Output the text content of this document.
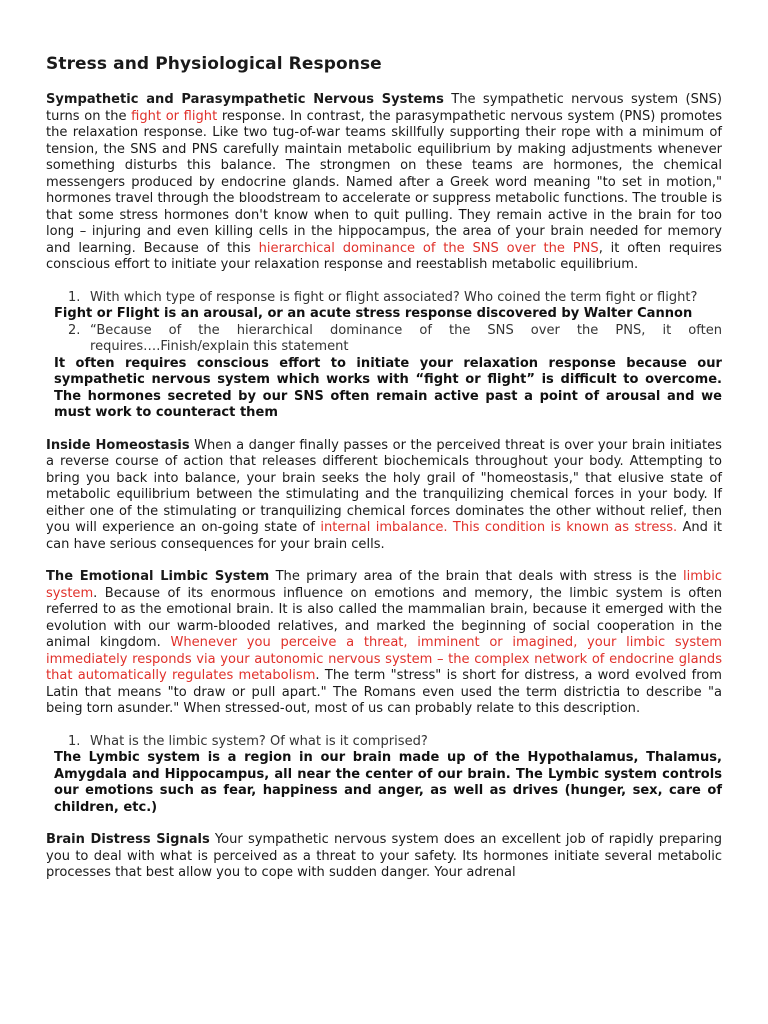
Stress and Physiological Response

Sympathetic and Parasympathetic Nervous Systems The sympathetic nervous system (SNS) turns on the fight or flight response. In contrast, the parasympathetic nervous system (PNS) promotes the relaxation response. Like two tug-of-war teams skillfully supporting their rope with a minimum of tension, the SNS and PNS carefully maintain metabolic equilibrium by making adjustments whenever something disturbs this balance. The strongmen on these teams are hormones, the chemical messengers produced by endocrine glands. Named after a Greek word meaning "to set in motion," hormones travel through the bloodstream to accelerate or suppress metabolic functions. The trouble is that some stress hormones don't know when to quit pulling. They remain active in the brain for too long – injuring and even killing cells in the hippocampus, the area of your brain needed for memory and learning. Because of this hierarchical dominance of the SNS over the PNS, it often requires conscious effort to initiate your relaxation response and reestablish metabolic equilibrium.

1. With which type of response is fight or flight associated? Who coined the term fight or flight?
Fight or Flight is an arousal, or an acute stress response discovered by Walter Cannon
2. “Because of the hierarchical dominance of the SNS over the PNS, it often requires….Finish/explain this statement
It often requires conscious effort to initiate your relaxation response because our sympathetic nervous system which works with “fight or flight” is difficult to overcome. The hormones secreted by our SNS often remain active past a point of arousal and we must work to counteract them

Inside Homeostasis When a danger finally passes or the perceived threat is over your brain initiates a reverse course of action that releases different biochemicals throughout your body. Attempting to bring you back into balance, your brain seeks the holy grail of "homeostasis," that elusive state of metabolic equilibrium between the stimulating and the tranquilizing chemical forces in your body. If either one of the stimulating or tranquilizing chemical forces dominates the other without relief, then you will experience an on-going state of internal imbalance. This condition is known as stress. And it can have serious consequences for your brain cells.

The Emotional Limbic System The primary area of the brain that deals with stress is the limbic system. Because of its enormous influence on emotions and memory, the limbic system is often referred to as the emotional brain. It is also called the mammalian brain, because it emerged with the evolution with our warm-blooded relatives, and marked the beginning of social cooperation in the animal kingdom. Whenever you perceive a threat, imminent or imagined, your limbic system immediately responds via your autonomic nervous system – the complex network of endocrine glands that automatically regulates metabolism. The term "stress" is short for distress, a word evolved from Latin that means "to draw or pull apart." The Romans even used the term districtia to describe "a being torn asunder." When stressed-out, most of us can probably relate to this description.

1. What is the limbic system? Of what is it comprised?
The Lymbic system is a region in our brain made up of the Hypothalamus, Thalamus, Amygdala and Hippocampus, all near the center of our brain. The Lymbic system controls our emotions such as fear, happiness and anger, as well as drives (hunger, sex, care of children, etc.)

Brain Distress Signals Your sympathetic nervous system does an excellent job of rapidly preparing you to deal with what is perceived as a threat to your safety. Its hormones initiate several metabolic processes that best allow you to cope with sudden danger. Your adrenal
